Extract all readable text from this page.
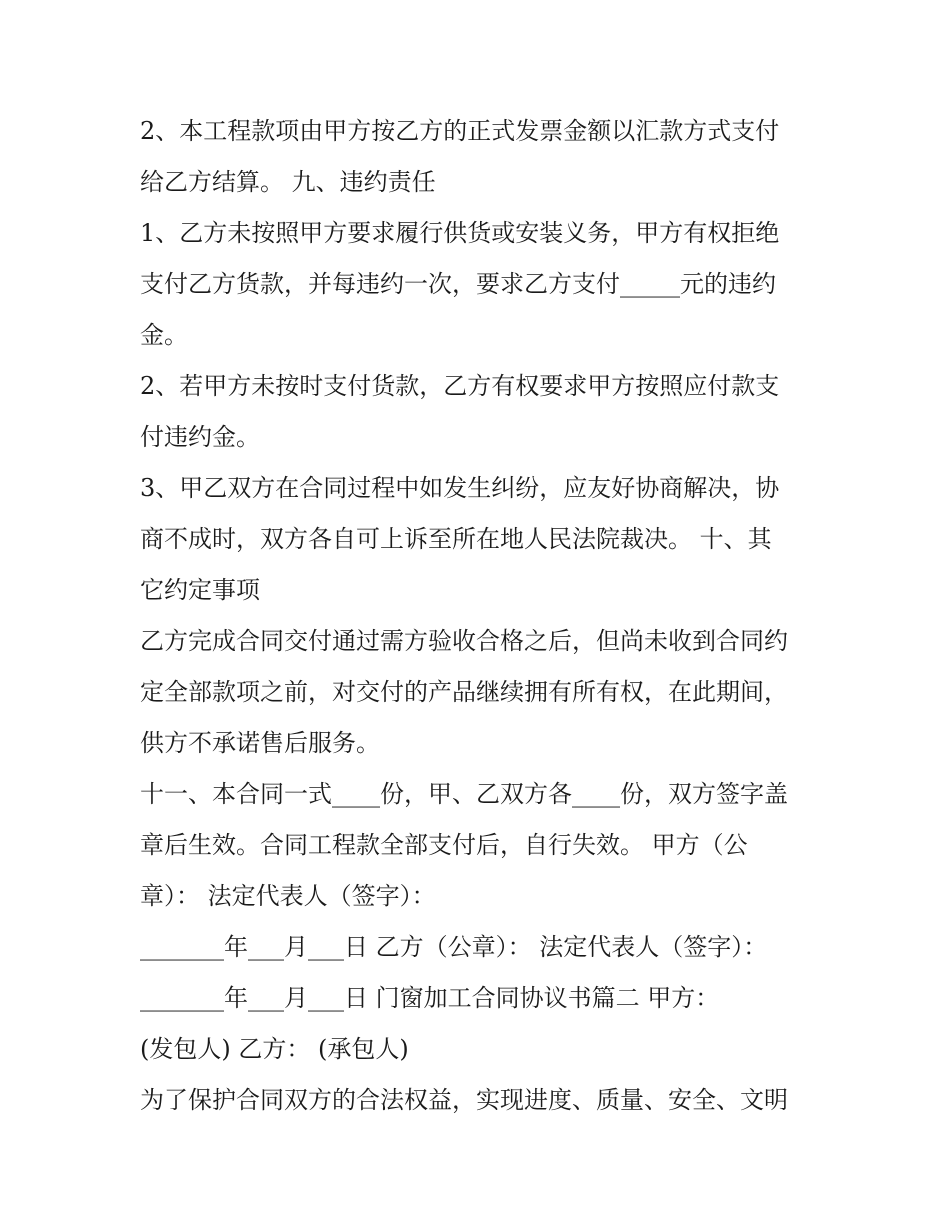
2、本工程款项由甲方按乙方的正式发票金额以汇款方式支付
给乙方结算。 九、违约责任
1、乙方未按照甲方要求履行供货或安装义务，甲方有权拒绝
支付乙方货款，并每违约一次，要求乙方支付_____元的违约
金。
2、若甲方未按时支付货款，乙方有权要求甲方按照应付款支
付违约金。
3、甲乙双方在合同过程中如发生纠纷，应友好协商解决，协
商不成时，双方各自可上诉至所在地人民法院裁决。 十、其
它约定事项
乙方完成合同交付通过需方验收合格之后，但尚未收到合同约
定全部款项之前，对交付的产品继续拥有所有权，在此期间，
供方不承诺售后服务。
十一、本合同一式____份，甲、乙双方各____份，双方签字盖
章后生效。合同工程款全部支付后，自行失效。 甲方（公
章）： 法定代表人（签字）：
_______年___月___日 乙方（公章）： 法定代表人（签字）：
_______年___月___日 门窗加工合同协议书篇二 甲方：
(发包人) 乙方： (承包人)
为了保护合同双方的合法权益，实现进度、质量、安全、文明
